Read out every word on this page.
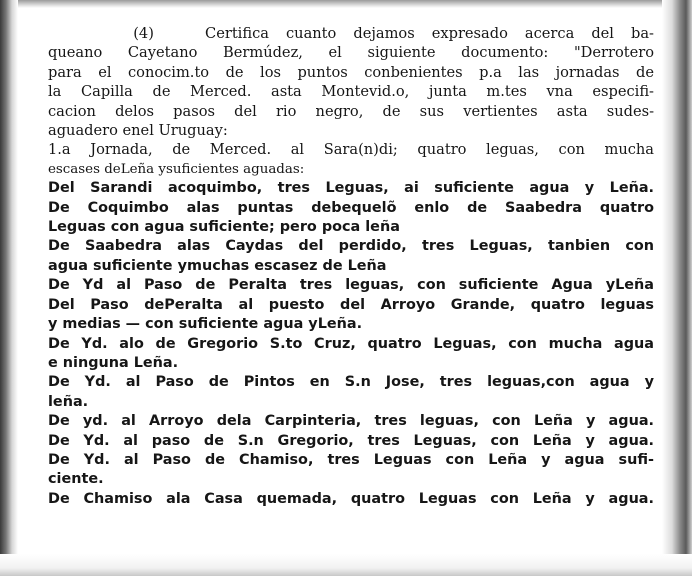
(4)   Certifica cuanto dejamos expresado acerca del ba-
queano Cayetano Bermúdez, el siguiente documento: "Derrotero
para el conocim.to de los puntos conbenientes p.a las jornadas de
la Capilla de Merced. asta Montevid.o, junta m.tes vna especifi-
cacion delos pasos del rio negro, de sus vertientes asta sudes-
aguadero enel Uruguay:
1.a Jornada, de Merced. al Sara(n)di; quatro leguas, con mucha
escases deLeña ysuficientes aguadas:
Del Sarandi acoquimbo, tres Leguas, ai suficiente agua y Leña.
De Coquimbo alas puntas debequelõ enlo de Saabedra quatro
Leguas con agua suficiente; pero poca leña
De Saabedra alas Caydas del perdido, tres Leguas, tanbien con
agua suficiente ymuchas escasez de Leña
De Yd al Paso de Peralta tres leguas, con suficiente Agua yLeña
Del Paso dePeralta al puesto del Arroyo Grande, quatro leguas
y medias — con suficiente agua yLeña.
De Yd. alo de Gregorio S.to Cruz, quatro Leguas, con mucha agua
e ninguna Leña.
De Yd. al Paso de Pintos en S.n Jose, tres leguas,con agua y
leña.
De yd. al Arroyo dela Carpinteria, tres leguas, con Leña y agua.
De Yd. al paso de S.n Gregorio, tres Leguas, con Leña y agua.
De Yd. al Paso de Chamiso, tres Leguas con Leña y agua sufi-
ciente.
De Chamiso ala Casa quemada, quatro Leguas con Leña y agua.
